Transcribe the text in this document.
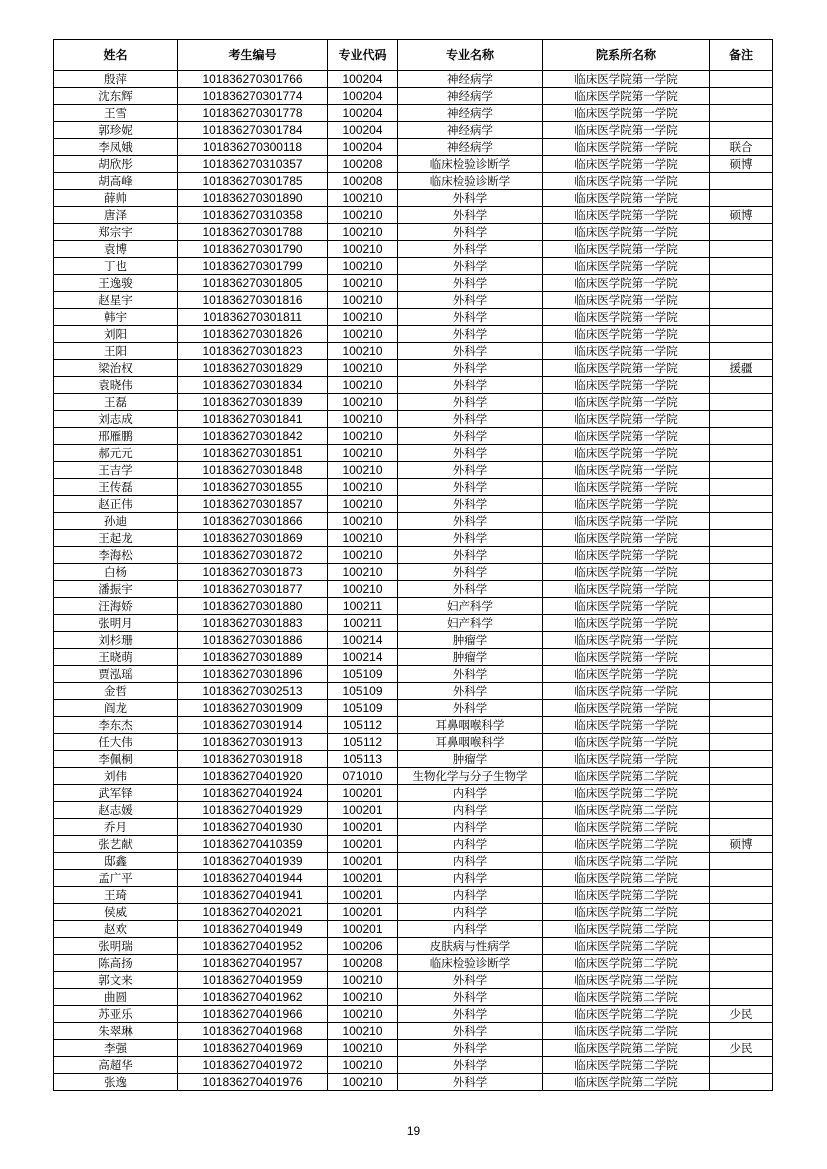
姓名	考生编号	专业代码	专业名称	院系所名称	备注
殷萍	101836270301766	100204	神经病学	临床医学院第一学院	
沈东辉	101836270301774	100204	神经病学	临床医学院第一学院	
王雪	101836270301778	100204	神经病学	临床医学院第一学院	
郭珍妮	101836270301784	100204	神经病学	临床医学院第一学院	
李凤娥	101836270300118	100204	神经病学	临床医学院第一学院	联合
胡欣彤	101836270310357	100208	临床检验诊断学	临床医学院第一学院	硕博
胡高峰	101836270301785	100208	临床检验诊断学	临床医学院第一学院	
薛帅	101836270301890	100210	外科学	临床医学院第一学院	
唐泽	101836270310358	100210	外科学	临床医学院第一学院	硕博
郑宗宇	101836270301788	100210	外科学	临床医学院第一学院	
袁博	101836270301790	100210	外科学	临床医学院第一学院	
丁也	101836270301799	100210	外科学	临床医学院第一学院	
王逸骏	101836270301805	100210	外科学	临床医学院第一学院	
赵星宇	101836270301816	100210	外科学	临床医学院第一学院	
韩宇	101836270301811	100210	外科学	临床医学院第一学院	
刘阳	101836270301826	100210	外科学	临床医学院第一学院	
王阳	101836270301823	100210	外科学	临床医学院第一学院	
梁治权	101836270301829	100210	外科学	临床医学院第一学院	援疆
袁晓伟	101836270301834	100210	外科学	临床医学院第一学院	
王磊	101836270301839	100210	外科学	临床医学院第一学院	
刘志成	101836270301841	100210	外科学	临床医学院第一学院	
邢雁鹏	101836270301842	100210	外科学	临床医学院第一学院	
郝元元	101836270301851	100210	外科学	临床医学院第一学院	
王吉学	101836270301848	100210	外科学	临床医学院第一学院	
王传磊	101836270301855	100210	外科学	临床医学院第一学院	
赵正伟	101836270301857	100210	外科学	临床医学院第一学院	
孙迪	101836270301866	100210	外科学	临床医学院第一学院	
王起龙	101836270301869	100210	外科学	临床医学院第一学院	
李海松	101836270301872	100210	外科学	临床医学院第一学院	
白杨	101836270301873	100210	外科学	临床医学院第一学院	
潘振宇	101836270301877	100210	外科学	临床医学院第一学院	
汪海娇	101836270301880	100211	妇产科学	临床医学院第一学院	
张明月	101836270301883	100211	妇产科学	临床医学院第一学院	
刘杉珊	101836270301886	100214	肿瘤学	临床医学院第一学院	
王晓萌	101836270301889	100214	肿瘤学	临床医学院第一学院	
贾泓瑶	101836270301896	105109	外科学	临床医学院第一学院	
金哲	101836270302513	105109	外科学	临床医学院第一学院	
阎龙	101836270301909	105109	外科学	临床医学院第一学院	
李东杰	101836270301914	105112	耳鼻咽喉科学	临床医学院第一学院	
任大伟	101836270301913	105112	耳鼻咽喉科学	临床医学院第一学院	
李佩桐	101836270301918	105113	肿瘤学	临床医学院第一学院	
刘伟	101836270401920	071010	生物化学与分子生物学	临床医学院第二学院	
武军铎	101836270401924	100201	内科学	临床医学院第二学院	
赵志媛	101836270401929	100201	内科学	临床医学院第二学院	
乔月	101836270401930	100201	内科学	临床医学院第二学院	
张艺献	101836270410359	100201	内科学	临床医学院第二学院	硕博
邸鑫	101836270401939	100201	内科学	临床医学院第二学院	
孟广平	101836270401944	100201	内科学	临床医学院第二学院	
王琦	101836270401941	100201	内科学	临床医学院第二学院	
侯威	101836270402021	100201	内科学	临床医学院第二学院	
赵欢	101836270401949	100201	内科学	临床医学院第二学院	
张明瑞	101836270401952	100206	皮肤病与性病学	临床医学院第二学院	
陈高扬	101836270401957	100208	临床检验诊断学	临床医学院第二学院	
郭文来	101836270401959	100210	外科学	临床医学院第二学院	
曲圆	101836270401962	100210	外科学	临床医学院第二学院	
苏亚乐	101836270401966	100210	外科学	临床医学院第二学院	少民
朱翠琳	101836270401968	100210	外科学	临床医学院第二学院	
李强	101836270401969	100210	外科学	临床医学院第二学院	少民
高超华	101836270401972	100210	外科学	临床医学院第二学院	
张逸	101836270401976	100210	外科学	临床医学院第二学院	
19
